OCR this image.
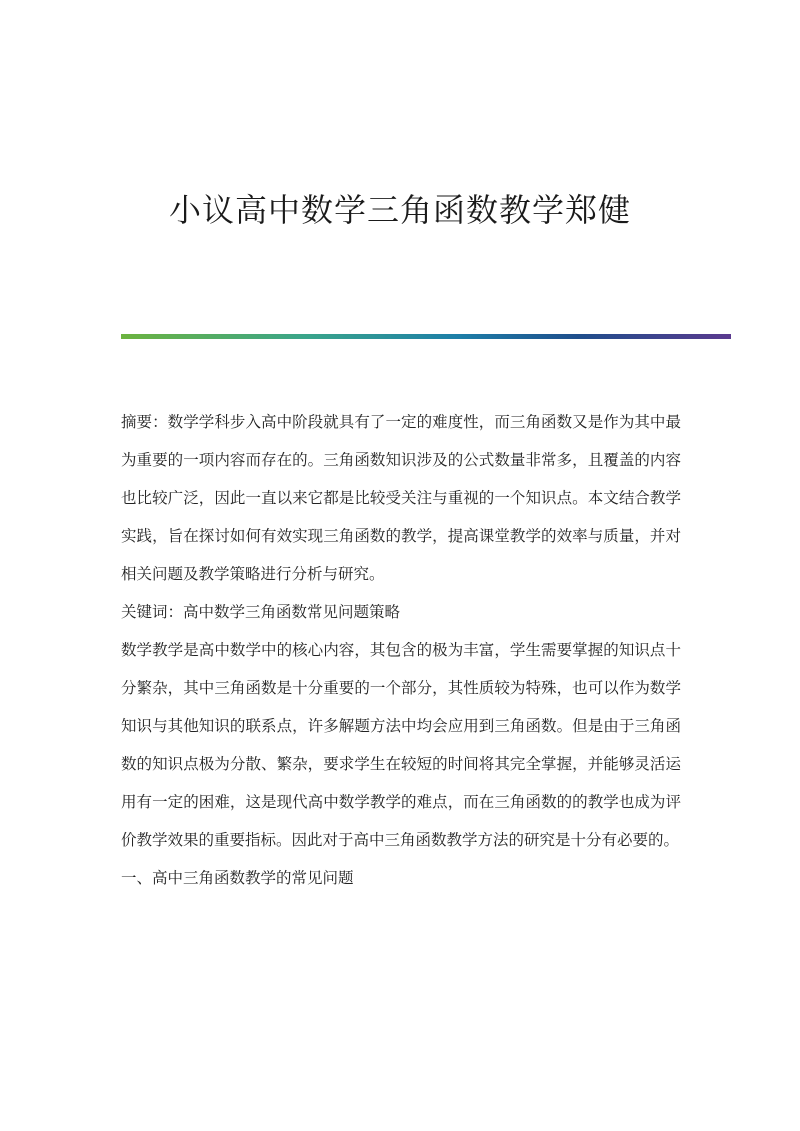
小议高中数学三角函数教学郑健

摘要：数学学科步入高中阶段就具有了一定的难度性，而三角函数又是作为其中最为重要的一项内容而存在的。三角函数知识涉及的公式数量非常多，且覆盖的内容也比较广泛，因此一直以来它都是比较受关注与重视的一个知识点。本文结合教学实践，旨在探讨如何有效实现三角函数的教学，提高课堂教学的效率与质量，并对相关问题及教学策略进行分析与研究。

关键词：高中数学三角函数常见问题策略

数学教学是高中数学中的核心内容，其包含的极为丰富，学生需要掌握的知识点十分繁杂，其中三角函数是十分重要的一个部分，其性质较为特殊，也可以作为数学知识与其他知识的联系点，许多解题方法中均会应用到三角函数。但是由于三角函数的知识点极为分散、繁杂，要求学生在较短的时间将其完全掌握，并能够灵活运用有一定的困难，这是现代高中数学教学的难点，而在三角函数的的教学也成为评价教学效果的重要指标。因此对于高中三角函数教学方法的研究是十分有必要的。

一、高中三角函数教学的常见问题
